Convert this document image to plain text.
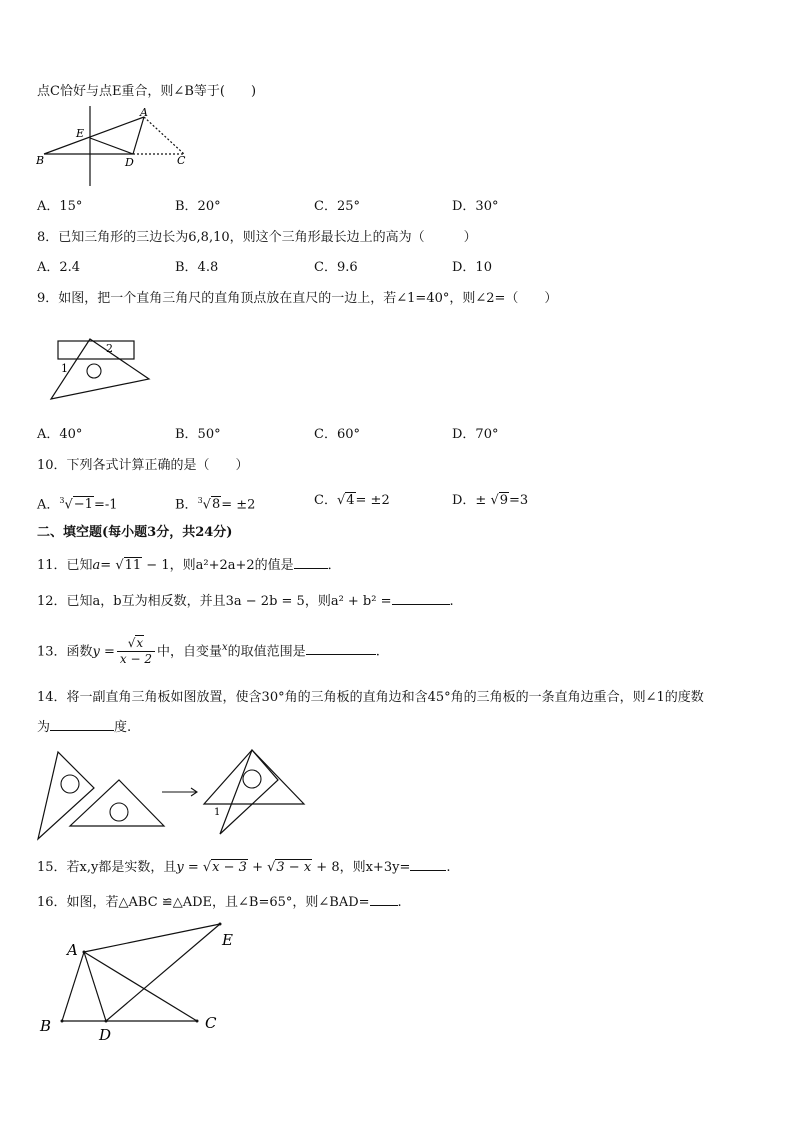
点C恰好与点E重合，则∠B等于(　　)
A
E
B	D	C
A．15°	B．20°	C．25°	D．30°
8．已知三角形的三边长为6,8,10，则这个三角形最长边上的高为（　　　）
A．2.4	B．4.8	C．9.6	D．10
9．如图，把一个直角三角尺的直角顶点放在直尺的一边上，若∠1=40°，则∠2=（　　）
1
2
A．40°	B．50°	C．60°	D．70°
10．下列各式计算正确的是（　　）
A．$^3$√−1=-1	B．$^3$√8= ±2	C．√4= ±2	D．± √9=3
二、填空题(每小题3分，共24分)
11．已知a= √11 − 1，则a²+2a+2的值是	．
12．已知a，b互为相反数，并且3a − 2b = 5，则a² + b² =	.
13．函数$y = \frac{√x}{x - 2}$ 中，自变量$^x$的取值范围是	.
14．将一副直角三角板如图放置，使含30°角的三角板的直角边和含45°角的三角板的一条直角边重合，则∠1的度数
为	度.
1
15．若x,y都是实数，且y = √x − 3 + √3 − x + 8，则x+3y=	.
16．如图，若△ABC ≌△ADE，且∠B=65°，则∠BAD= .
A
E
B	D
C
